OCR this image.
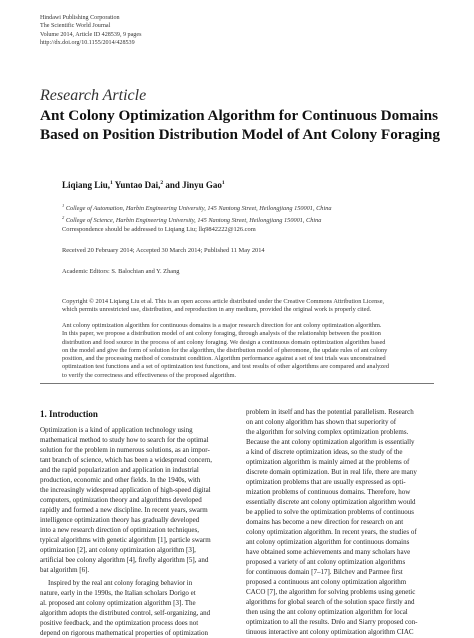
Hindawi Publishing Corporation
The Scientific World Journal
Volume 2014, Article ID 428539, 9 pages
http://dx.doi.org/10.1155/2014/428539
Research Article
Ant Colony Optimization Algorithm for Continuous Domains
Based on Position Distribution Model of Ant Colony Foraging
Liqiang Liu,$^1$ Yuntao Dai,$^2$ and Jinyu Gao$^1$
$^1$ College of Automation, Harbin Engineering University, 145 Nantong Street, Heilongjiang 150001, China
$^2$ College of Science, Harbin Engineering University, 145 Nantong Street, Heilongjiang 150001, China
Correspondence should be addressed to Liqiang Liu; llq9842222@126.com
Received 20 February 2014; Accepted 30 March 2014; Published 11 May 2014
Academic Editors: S. Balochian and Y. Zhang
Copyright © 2014 Liqiang Liu et al. This is an open access article distributed under the Creative Commons Attribution License,
which permits unrestricted use, distribution, and reproduction in any medium, provided the original work is properly cited.
Ant colony optimization algorithm for continuous domains is a major research direction for ant colony optimization algorithm.
In this paper, we propose a distribution model of ant colony foraging, through analysis of the relationship between the position
distribution and food source in the process of ant colony foraging. We design a continuous domain optimization algorithm based
on the model and give the form of solution for the algorithm, the distribution model of pheromone, the update rules of ant colony
position, and the processing method of constraint condition. Algorithm performance against a set of test trials was unconstrained
optimization test functions and a set of optimization test functions, and test results of other algorithms are compared and analyzed
to verify the correctness and effectiveness of the proposed algorithm.
1. Introduction
Optimization is a kind of application technology using
mathematical method to study how to search for the optimal
solution for the problem in numerous solutions, as an impor-
tant branch of science, which has been a widespread concern,
and the rapid popularization and application in industrial
production, economic and other fields. In the 1940s, with
the increasingly widespread application of high-speed digital
computers, optimization theory and algorithms developed
rapidly and formed a new discipline. In recent years, swarm
intelligence optimization theory has gradually developed
into a new research direction of optimization techniques,
typical algorithms with genetic algorithm [1], particle swarm
optimization [2], ant colony optimization algorithm [3],
artificial bee colony algorithm [4], firefly algorithm [5], and
bat algorithm [6].
Inspired by the real ant colony foraging behavior in
nature, early in the 1990s, the Italian scholars Dorigo et
al. proposed ant colony optimization algorithm [3]. The
algorithm adopts the distributed control, self-organizing, and
positive feedback, and the optimization process does not
depend on rigorous mathematical properties of optimization
problem in itself and has the potential parallelism. Research
on ant colony algorithm has shown that superiority of
the algorithm for solving complex optimization problems.
Because the ant colony optimization algorithm is essentially
a kind of discrete optimization ideas, so the study of the
optimization algorithm is mainly aimed at the problems of
discrete domain optimization. But in real life, there are many
optimization problems that are usually expressed as opti-
mization problems of continuous domains. Therefore, how
essentially discrete ant colony optimization algorithm would
be applied to solve the optimization problems of continuous
domains has become a new direction for research on ant
colony optimization algorithm. In recent years, the studies of
ant colony optimization algorithm for continuous domains
have obtained some achievements and many scholars have
proposed a variety of ant colony optimization algorithms
for continuous domain [7–17]. Bilchev and Parmee first
proposed a continuous ant colony optimization algorithm
CACO [7], the algorithm for solving problems using genetic
algorithms for global search of the solution space firstly and
then using the ant colony optimization algorithm for local
optimization to all the results. Dréo and Siarry proposed con-
tinuous interactive ant colony optimization algorithm CIAC
